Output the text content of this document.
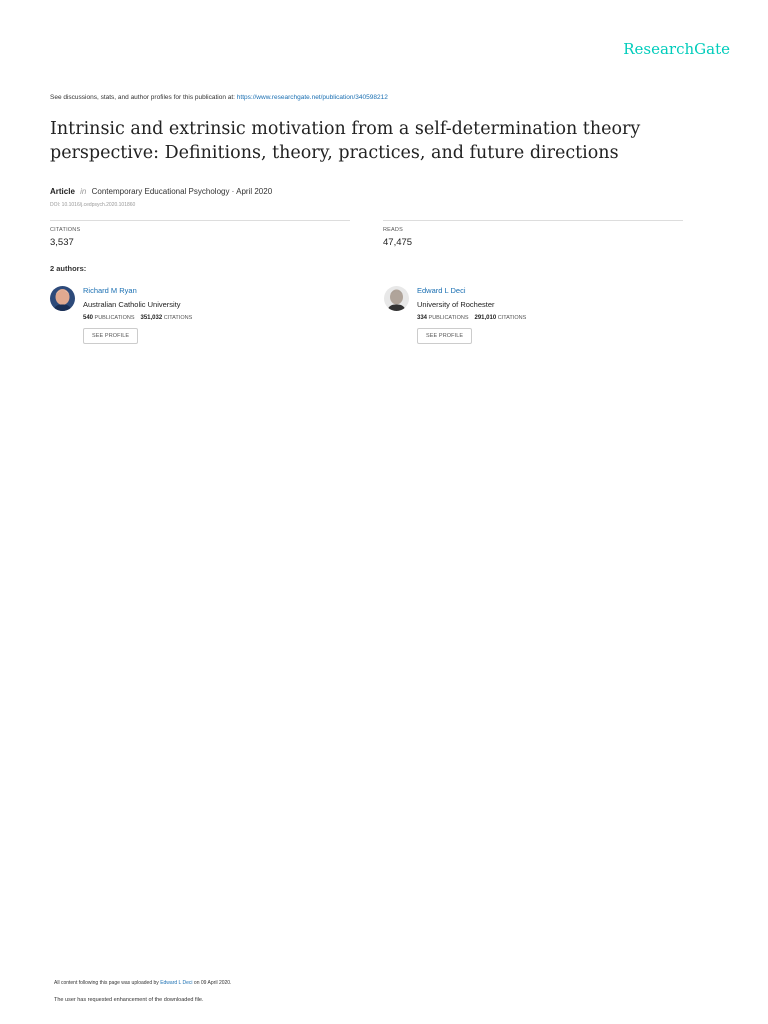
ResearchGate
See discussions, stats, and author profiles for this publication at: https://www.researchgate.net/publication/340598212
Intrinsic and extrinsic motivation from a self-determination theory perspective: Definitions, theory, practices, and future directions
Article in Contemporary Educational Psychology · April 2020
DOI: 10.1016/j.cedpsych.2020.101860
CITATIONS
3,537
READS
47,475
2 authors:
Richard M Ryan
Australian Catholic University
540 PUBLICATIONS 351,032 CITATIONS
SEE PROFILE
Edward L Deci
University of Rochester
334 PUBLICATIONS 291,010 CITATIONS
SEE PROFILE
All content following this page was uploaded by Edward L Deci on 09 April 2020.
The user has requested enhancement of the downloaded file.
